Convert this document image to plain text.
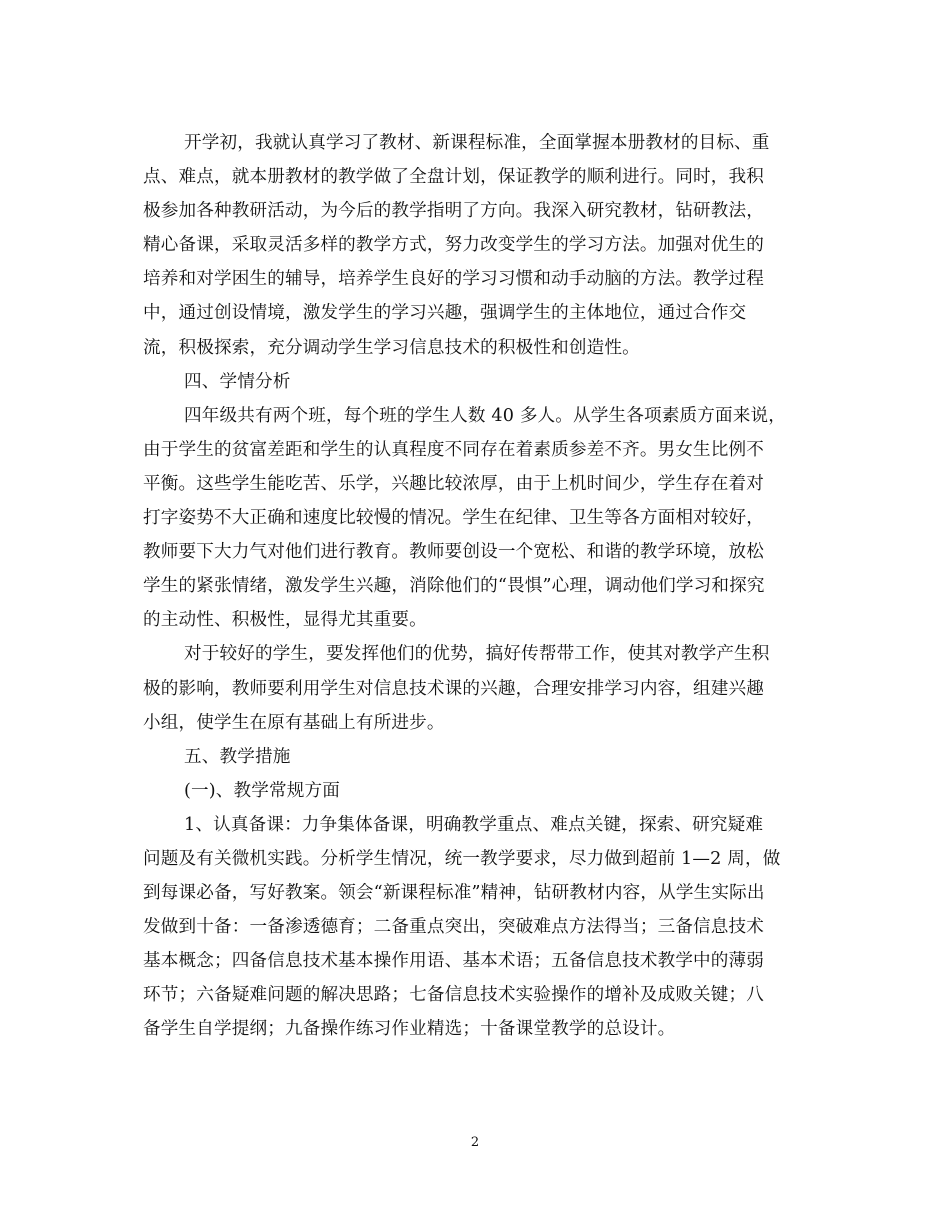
开学初，我就认真学习了教材、新课程标准，全面掌握本册教材的目标、重
点、难点，就本册教材的教学做了全盘计划，保证教学的顺利进行。同时，我积
极参加各种教研活动，为今后的教学指明了方向。我深入研究教材，钻研教法，
精心备课，采取灵活多样的教学方式，努力改变学生的学习方法。加强对优生的
培养和对学困生的辅导，培养学生良好的学习习惯和动手动脑的方法。教学过程
中，通过创设情境，激发学生的学习兴趣，强调学生的主体地位，通过合作交
流，积极探索，充分调动学生学习信息技术的积极性和创造性。
四、学情分析
四年级共有两个班，每个班的学生人数 40 多人。从学生各项素质方面来说，
由于学生的贫富差距和学生的认真程度不同存在着素质参差不齐。男女生比例不
平衡。这些学生能吃苦、乐学，兴趣比较浓厚，由于上机时间少，学生存在着对
打字姿势不大正确和速度比较慢的情况。学生在纪律、卫生等各方面相对较好，
教师要下大力气对他们进行教育。教师要创设一个宽松、和谐的教学环境，放松
学生的紧张情绪，激发学生兴趣，消除他们的“畏惧”心理，调动他们学习和探究
的主动性、积极性，显得尤其重要。
对于较好的学生，要发挥他们的优势，搞好传帮带工作，使其对教学产生积
极的影响，教师要利用学生对信息技术课的兴趣，合理安排学习内容，组建兴趣
小组，使学生在原有基础上有所进步。
五、教学措施
(一)、教学常规方面
1、认真备课：力争集体备课，明确教学重点、难点关键，探索、研究疑难
问题及有关微机实践。分析学生情况，统一教学要求，尽力做到超前 1—2 周，做
到每课必备，写好教案。领会“新课程标准”精神，钻研教材内容，从学生实际出
发做到十备：一备渗透德育；二备重点突出，突破难点方法得当；三备信息技术
基本概念；四备信息技术基本操作用语、基本术语；五备信息技术教学中的薄弱
环节；六备疑难问题的解决思路；七备信息技术实验操作的增补及成败关键；八
备学生自学提纲；九备操作练习作业精选；十备课堂教学的总设计。
2
